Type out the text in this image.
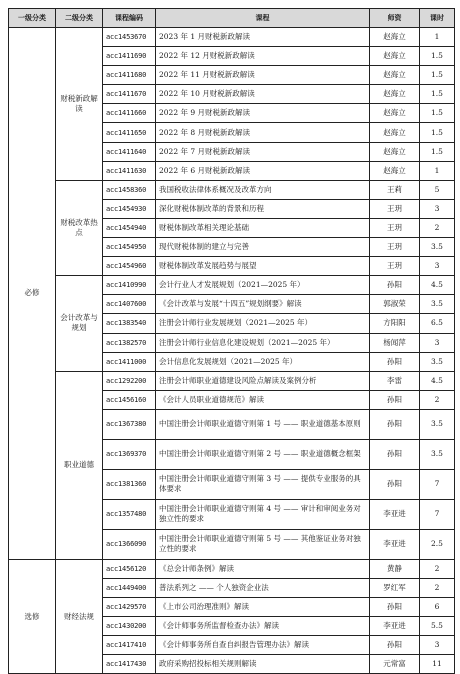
一级分类	二级分类	课程编码	课程	师资	课时
必修	财税新政解读	acc1453670	2023 年 1 月财税新政解读	赵海立	1
		acc1411690	2022 年 12 月财税新政解读	赵海立	1.5
		acc1411680	2022 年 11 月财税新政解读	赵海立	1.5
		acc1411670	2022 年 10 月财税新政解读	赵海立	1.5
		acc1411660	2022 年 9 月财税新政解读	赵海立	1.5
		acc1411650	2022 年 8 月财税新政解读	赵海立	1.5
		acc1411640	2022 年 7 月财税新政解读	赵海立	1.5
		acc1411630	2022 年 6 月财税新政解读	赵海立	1
	财税改革热点	acc1458360	我国税收法律体系概况及改革方向	王莉	5
		acc1454930	深化财税体制改革的背景和历程	王玥	3
		acc1454940	财税体制改革相关理论基础	王玥	2
		acc1454950	现代财税体制的建立与完善	王玥	3.5
		acc1454960	财税体制改革发展趋势与展望	王玥	3
	会计改革与规划	acc1410990	会计行业人才发展规划（2021—2025 年）	孙阳	4.5
		acc1407600	《会计改革与发展“十四五”规划纲要》解读	郭淑荣	3.5
		acc1383540	注册会计师行业发展规划（2021—2025 年）	方阳阳	6.5
		acc1382570	注册会计师行业信息化建设规划（2021—2025 年）	杨闻萍	3
		acc1411000	会计信息化发展规划（2021—2025 年）	孙阳	3.5
	职业道德	acc1292200	注册会计师职业道德建设风险点解读及案例分析	李雷	4.5
		acc1456160	《会计人员职业道德规范》解读	孙阳	2
		acc1367380	中国注册会计师职业道德守则第 1 号 —— 职业道德基本原则	孙阳	3.5
		acc1369370	中国注册会计师职业道德守则第 2 号 —— 职业道德概念框架	孙阳	3.5
		acc1381360	中国注册会计师职业道德守则第 3 号 —— 提供专业服务的具体要求	孙阳	7
		acc1357480	中国注册会计师职业道德守则第 4 号 —— 审计和审阅业务对独立性的要求	李亚进	7
		acc1366090	中国注册会计师职业道德守则第 5 号 —— 其他鉴证业务对独立性的要求	李亚进	2.5
选修	财经法规	acc1456120	《总会计师条例》解读	黄静	2
		acc1449400	普法系列之 —— 个人独资企业法	罗红军	2
		acc1429570	《上市公司治理准则》解读	孙阳	6
		acc1430200	《会计师事务所监督检查办法》解读	李亚进	5.5
		acc1417410	《会计师事务所自查自纠报告管理办法》解读	孙阳	3
		acc1417430	政府采购招投标相关规则解读	元常富	11
